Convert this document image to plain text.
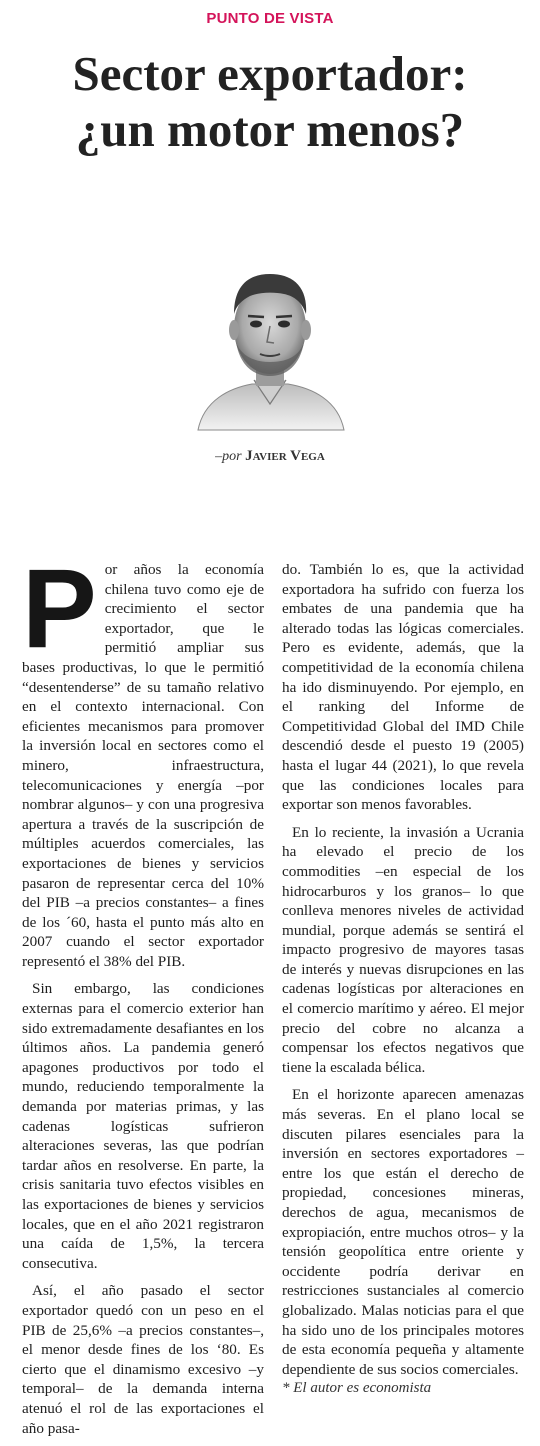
PUNTO DE VISTA
Sector exportador:
¿un motor menos?
–por Javier Vega

Por años la economía chilena tuvo como eje de crecimiento el sector exportador, que le permitió ampliar sus bases productivas, lo que le permitió “desentenderse” de su tamaño relativo en el contexto internacional. Con eficientes mecanismos para promover la inversión local en sectores como el minero, infraestructura, telecomunicaciones y energía –por nombrar algunos– y con una progresiva apertura a través de la suscripción de múltiples acuerdos comerciales, las exportaciones de bienes y servicios pasaron de representar cerca del 10% del PIB –a precios constantes– a fines de los ´60, hasta el punto más alto en 2007 cuando el sector exportador representó el 38% del PIB.

Sin embargo, las condiciones externas para el comercio exterior han sido extremadamente desafiantes en los últimos años. La pandemia generó apagones productivos por todo el mundo, reduciendo temporalmente la demanda por materias primas, y las cadenas logísticas sufrieron alteraciones severas, las que podrían tardar años en resolverse. En parte, la crisis sanitaria tuvo efectos visibles en las exportaciones de bienes y servicios locales, que en el año 2021 registraron una caída de 1,5%, la tercera consecutiva.

Así, el año pasado el sector exportador quedó con un peso en el PIB de 25,6% –a precios constantes–, el menor desde fines de los ‘80. Es cierto que el dinamismo excesivo –y temporal– de la demanda interna atenuó el rol de las exportaciones el año pasa-

do. También lo es, que la actividad exportadora ha sufrido con fuerza los embates de una pandemia que ha alterado todas las lógicas comerciales. Pero es evidente, además, que la competitividad de la economía chilena ha ido disminuyendo. Por ejemplo, en el ranking del Informe de Competitividad Global del IMD Chile descendió desde el puesto 19 (2005) hasta el lugar 44 (2021), lo que revela que las condiciones locales para exportar son menos favorables.

En lo reciente, la invasión a Ucrania ha elevado el precio de los commodities –en especial de los hidrocarburos y los granos– lo que conlleva menores niveles de actividad mundial, porque además se sentirá el impacto progresivo de mayores tasas de interés y nuevas disrupciones en las cadenas logísticas por alteraciones en el comercio marítimo y aéreo. El mejor precio del cobre no alcanza a compensar los efectos negativos que tiene la escalada bélica.

En el horizonte aparecen amenazas más severas. En el plano local se discuten pilares esenciales para la inversión en sectores exportadores –entre los que están el derecho de propiedad, concesiones mineras, derechos de agua, mecanismos de expropiación, entre muchos otros– y la tensión geopolítica entre oriente y occidente podría derivar en restricciones sustanciales al comercio globalizado. Malas noticias para el que ha sido uno de los principales motores de esta economía pequeña y altamente dependiente de sus socios comerciales.

* El autor es economista
